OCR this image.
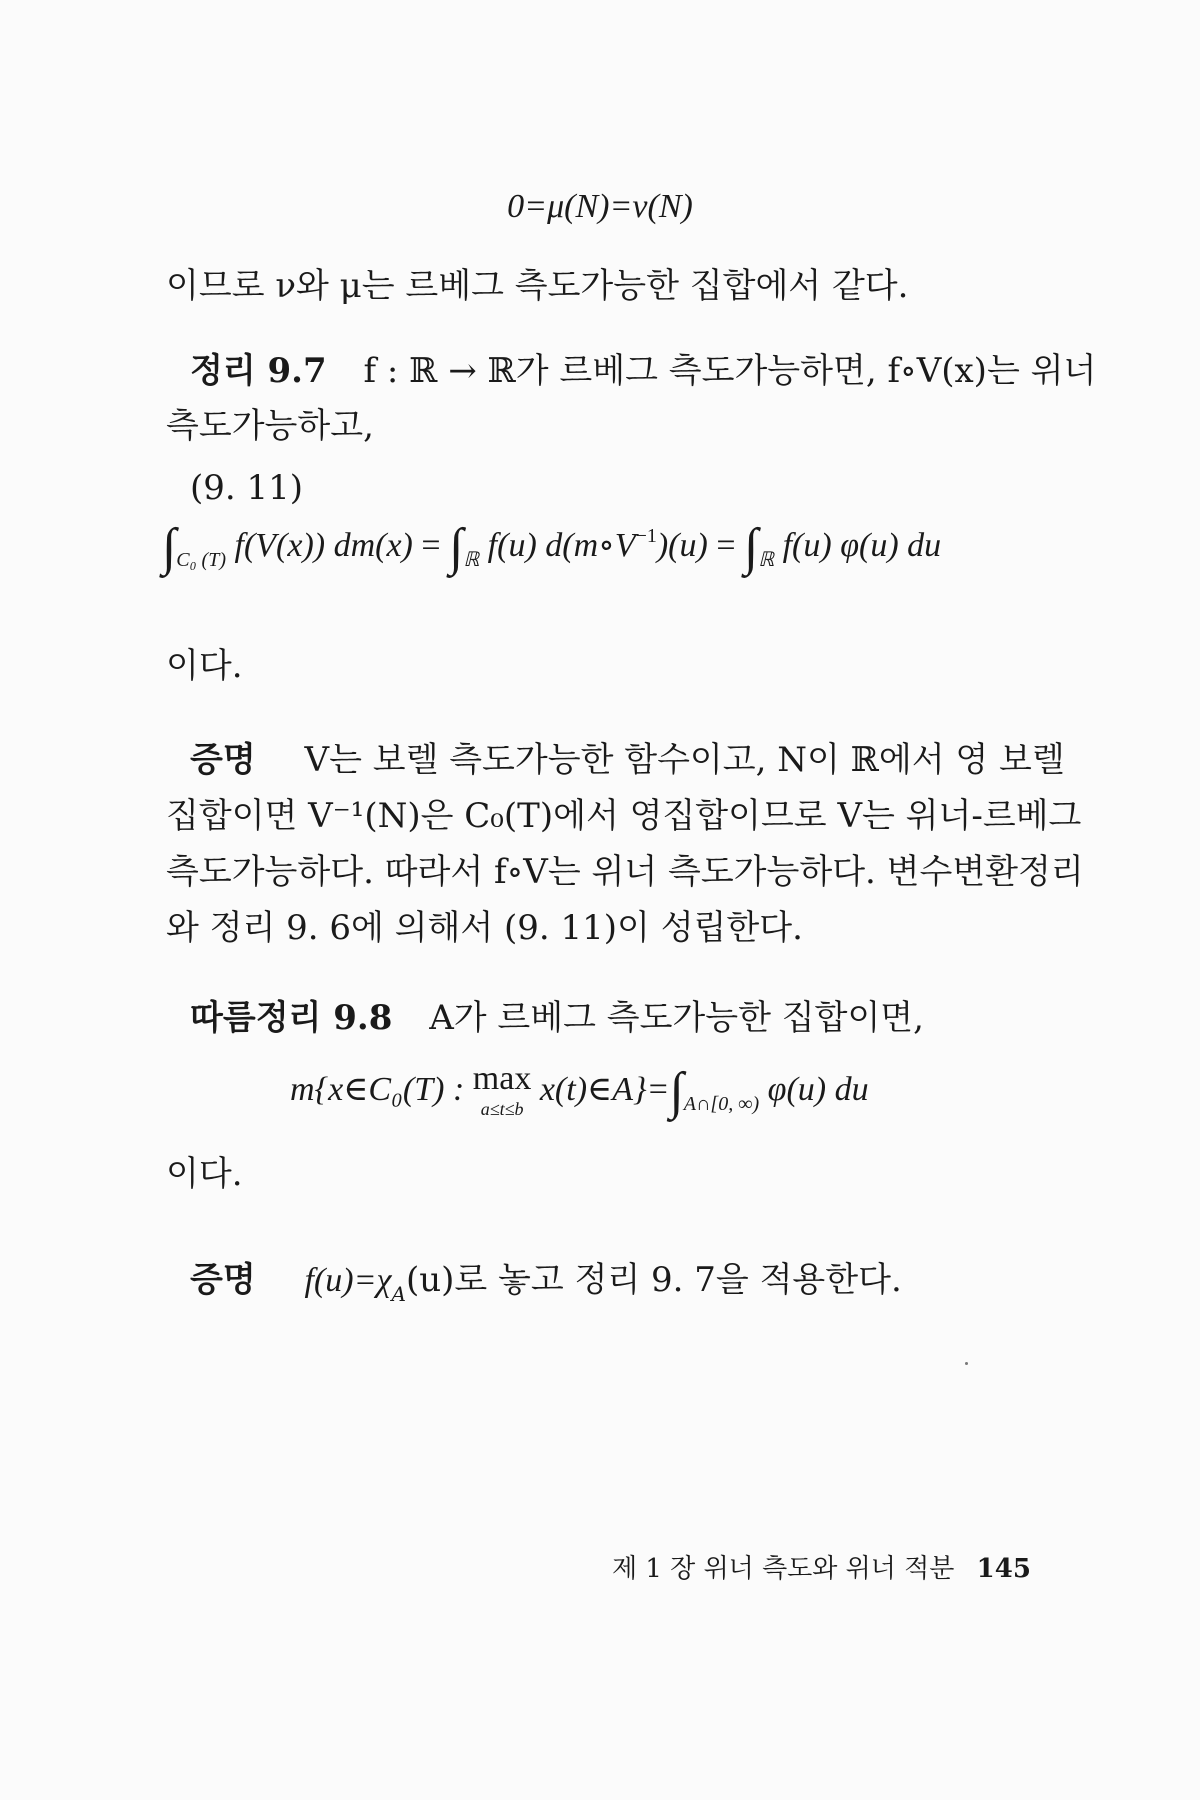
0=μ(N)=ν(N)
이므로 ν와 μ는 르베그 측도가능한 집합에서 같다.
정리 9.7 f : ℝ → ℝ가 르베그 측도가능하면, f∘V(x)는 위너
측도가능하고,
(9. 11)
$\int_{C_0 (T)}$ f(V(x)) $dm(x) = \int_ℝ$ f(u) $d(m\circ V^{-1})(u) = \int_ℝ$ f(u) φ(u) du
이다.
증명 V는 보렐 측도가능한 함수이고, N이 ℝ에서 영 보렐
집합이면 V⁻¹(N)은 C₀(T)에서 영집합이므로 V는 위너-르베그
측도가능하다. 따라서 f∘V는 위너 측도가능하다. 변수변환정리
와 정리 9. 6에 의해서 (9. 11)이 성립한다.
따름정리 9.8 A가 르베그 측도가능한 집합이면,
m{x∈C₀(T) : max
a≤t≤b
$x(t)\in A\}=\int_{A\cap[0, \infty)}$ φ(u) du
이다.
증명 $f(u)=\chi_A(u)$로 놓고 정리 9. 7을 적용한다.
제 1 장 위너 측도와 위너 적분 145
